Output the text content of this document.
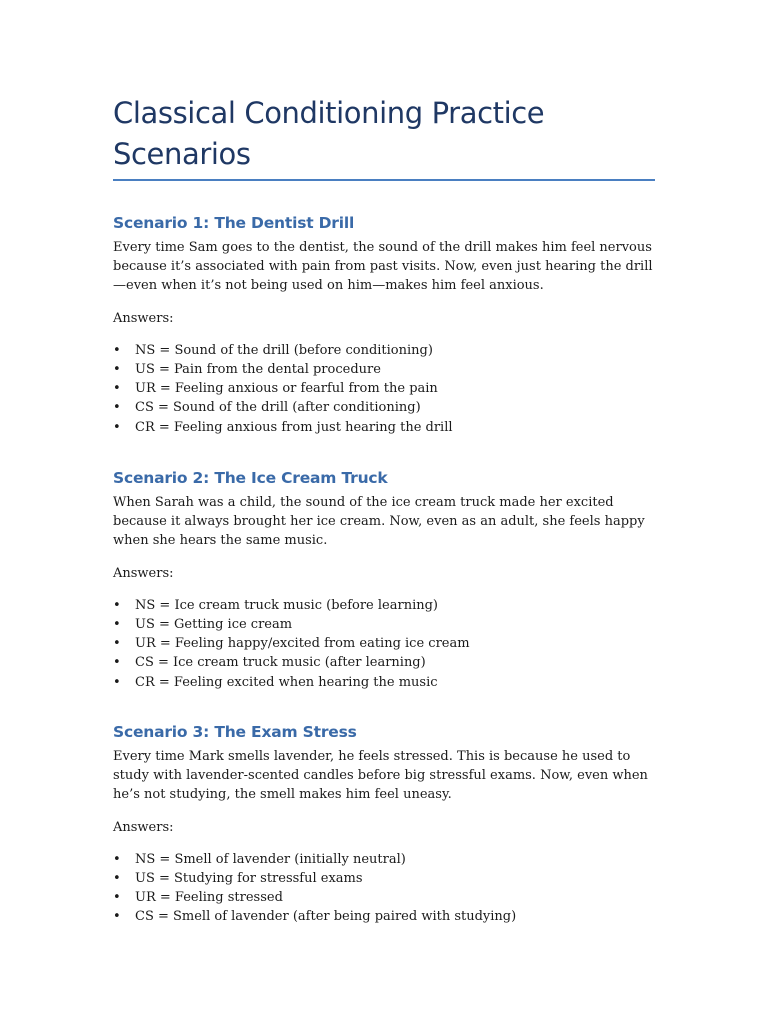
Classical Conditioning Practice Scenarios
Scenario 1: The Dentist Drill

Every time Sam goes to the dentist, the sound of the drill makes him feel nervous because it’s associated with pain from past visits. Now, even just hearing the drill—even when it’s not being used on him—makes him feel anxious.

Answers:

• NS = Sound of the drill (before conditioning)
• US = Pain from the dental procedure
• UR = Feeling anxious or fearful from the pain
• CS = Sound of the drill (after conditioning)
• CR = Feeling anxious from just hearing the drill
Scenario 2: The Ice Cream Truck

When Sarah was a child, the sound of the ice cream truck made her excited because it always brought her ice cream. Now, even as an adult, she feels happy when she hears the same music.

Answers:

• NS = Ice cream truck music (before learning)
• US = Getting ice cream
• UR = Feeling happy/excited from eating ice cream
• CS = Ice cream truck music (after learning)
• CR = Feeling excited when hearing the music
Scenario 3: The Exam Stress

Every time Mark smells lavender, he feels stressed. This is because he used to study with lavender-scented candles before big stressful exams. Now, even when he’s not studying, the smell makes him feel uneasy.

Answers:

• NS = Smell of lavender (initially neutral)
• US = Studying for stressful exams
• UR = Feeling stressed
• CS = Smell of lavender (after being paired with studying)
